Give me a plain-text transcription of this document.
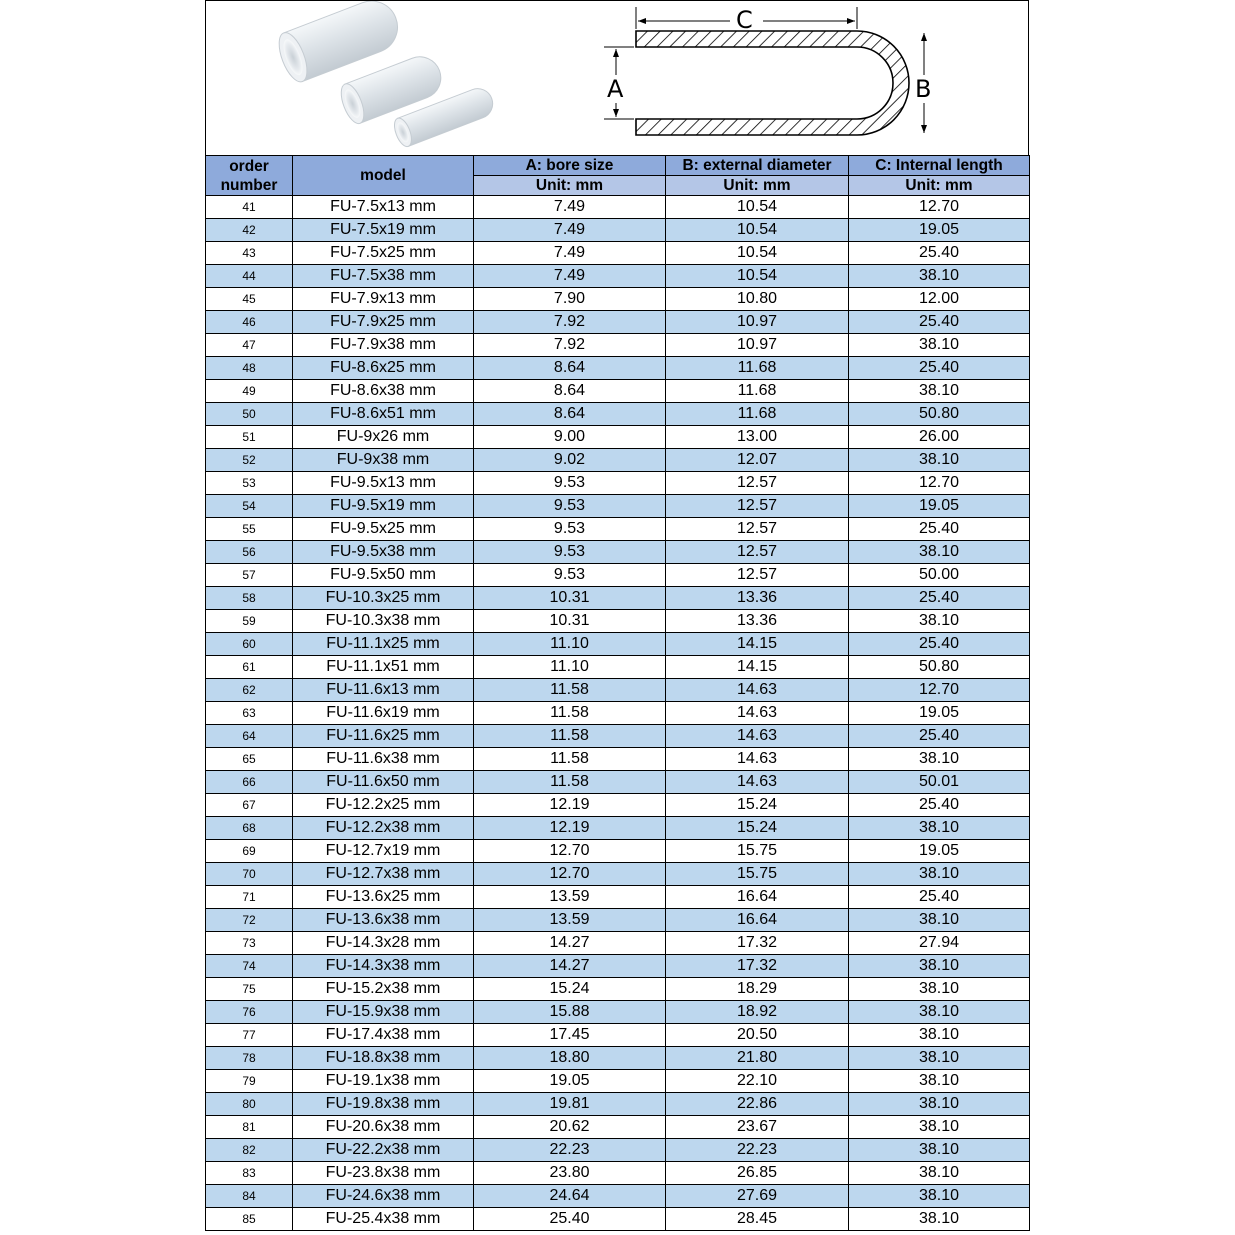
C
A	B
order number	model	A: bore size	B: external diameter	C: Internal length
		Unit: mm	Unit: mm	Unit: mm
41	FU-7.5x13 mm	7.49	10.54	12.70
42	FU-7.5x19 mm	7.49	10.54	19.05
43	FU-7.5x25 mm	7.49	10.54	25.40
44	FU-7.5x38 mm	7.49	10.54	38.10
45	FU-7.9x13 mm	7.90	10.80	12.00
46	FU-7.9x25 mm	7.92	10.97	25.40
47	FU-7.9x38 mm	7.92	10.97	38.10
48	FU-8.6x25 mm	8.64	11.68	25.40
49	FU-8.6x38 mm	8.64	11.68	38.10
50	FU-8.6x51 mm	8.64	11.68	50.80
51	FU-9x26 mm	9.00	13.00	26.00
52	FU-9x38 mm	9.02	12.07	38.10
53	FU-9.5x13 mm	9.53	12.57	12.70
54	FU-9.5x19 mm	9.53	12.57	19.05
55	FU-9.5x25 mm	9.53	12.57	25.40
56	FU-9.5x38 mm	9.53	12.57	38.10
57	FU-9.5x50 mm	9.53	12.57	50.00
58	FU-10.3x25 mm	10.31	13.36	25.40
59	FU-10.3x38 mm	10.31	13.36	38.10
60	FU-11.1x25 mm	11.10	14.15	25.40
61	FU-11.1x51 mm	11.10	14.15	50.80
62	FU-11.6x13 mm	11.58	14.63	12.70
63	FU-11.6x19 mm	11.58	14.63	19.05
64	FU-11.6x25 mm	11.58	14.63	25.40
65	FU-11.6x38 mm	11.58	14.63	38.10
66	FU-11.6x50 mm	11.58	14.63	50.01
67	FU-12.2x25 mm	12.19	15.24	25.40
68	FU-12.2x38 mm	12.19	15.24	38.10
69	FU-12.7x19 mm	12.70	15.75	19.05
70	FU-12.7x38 mm	12.70	15.75	38.10
71	FU-13.6x25 mm	13.59	16.64	25.40
72	FU-13.6x38 mm	13.59	16.64	38.10
73	FU-14.3x28 mm	14.27	17.32	27.94
74	FU-14.3x38 mm	14.27	17.32	38.10
75	FU-15.2x38 mm	15.24	18.29	38.10
76	FU-15.9x38 mm	15.88	18.92	38.10
77	FU-17.4x38 mm	17.45	20.50	38.10
78	FU-18.8x38 mm	18.80	21.80	38.10
79	FU-19.1x38 mm	19.05	22.10	38.10
80	FU-19.8x38 mm	19.81	22.86	38.10
81	FU-20.6x38 mm	20.62	23.67	38.10
82	FU-22.2x38 mm	22.23	22.23	38.10
83	FU-23.8x38 mm	23.80	26.85	38.10
84	FU-24.6x38 mm	24.64	27.69	38.10
85	FU-25.4x38 mm	25.40	28.45	38.10
